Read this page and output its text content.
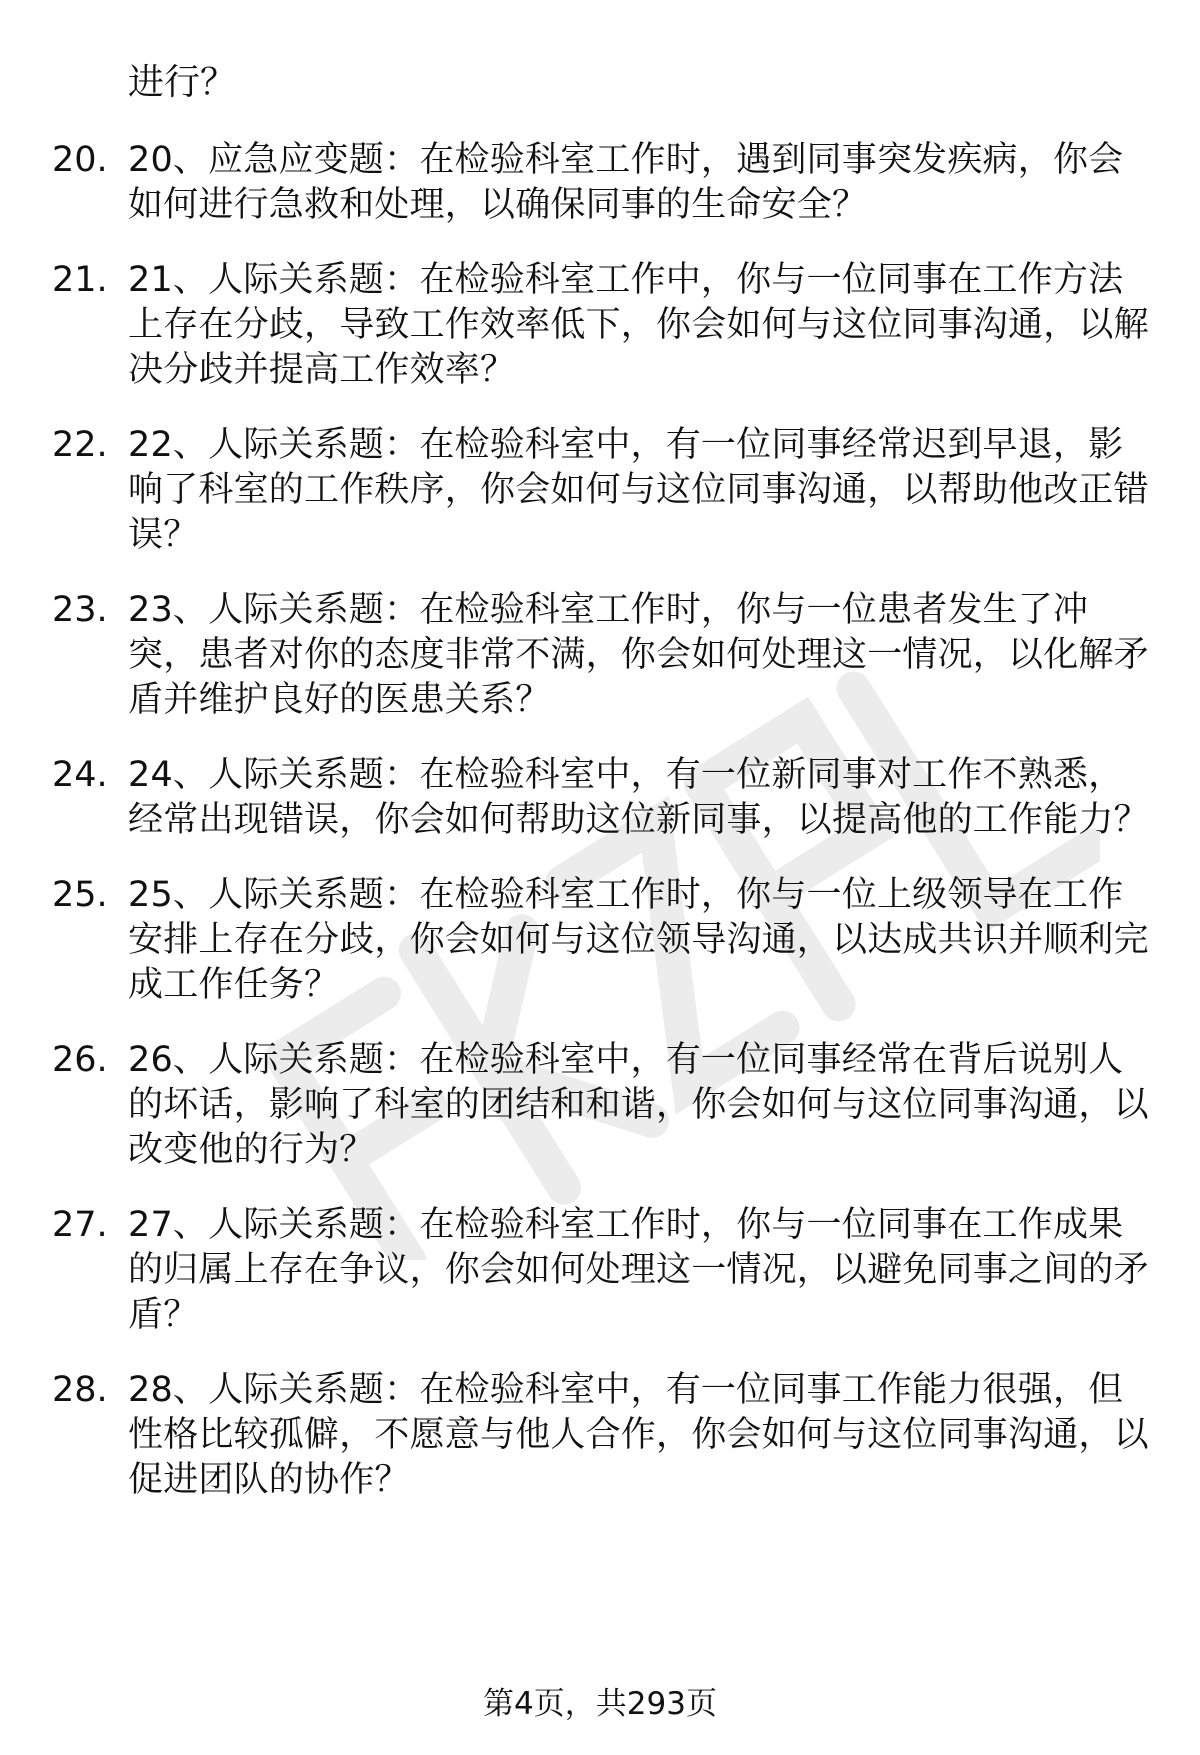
进行？
20. 20、应急应变题：在检验科室工作时，遇到同事突发疾病，你会如何进行急救和处理，以确保同事的生命安全？
21. 21、人际关系题：在检验科室工作中，你与一位同事在工作方法上存在分歧，导致工作效率低下，你会如何与这位同事沟通，以解决分歧并提高工作效率？
22. 22、人际关系题：在检验科室中，有一位同事经常迟到早退，影响了科室的工作秩序，你会如何与这位同事沟通，以帮助他改正错误？
23. 23、人际关系题：在检验科室工作时，你与一位患者发生了冲突，患者对你的态度非常不满，你会如何处理这一情况，以化解矛盾并维护良好的医患关系？
24. 24、人际关系题：在检验科室中，有一位新同事对工作不熟悉，经常出现错误，你会如何帮助这位新同事，以提高他的工作能力？
25. 25、人际关系题：在检验科室工作时，你与一位上级领导在工作安排上存在分歧，你会如何与这位领导沟通，以达成共识并顺利完成工作任务？
26. 26、人际关系题：在检验科室中，有一位同事经常在背后说别人的坏话，影响了科室的团结和和谐，你会如何与这位同事沟通，以改变他的行为？
27. 27、人际关系题：在检验科室工作时，你与一位同事在工作成果的归属上存在争议，你会如何处理这一情况，以避免同事之间的矛盾？
28. 28、人际关系题：在检验科室中，有一位同事工作能力很强，但性格比较孤僻，不愿意与他人合作，你会如何与这位同事沟通，以促进团队的协作？
第4页，共293页
